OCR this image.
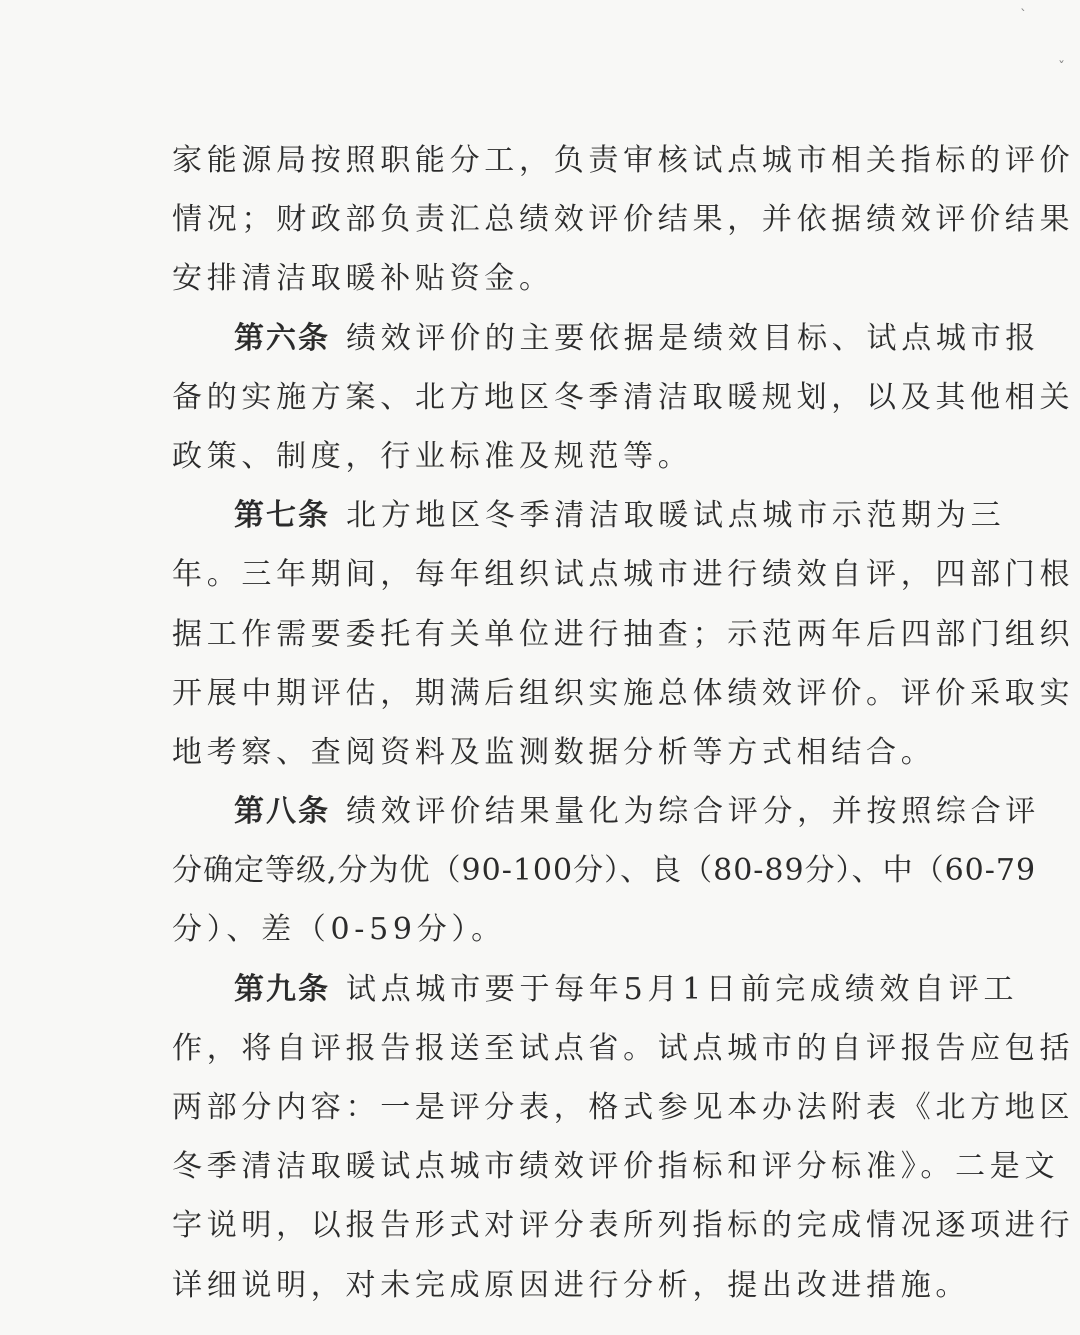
ˋ
ˇ
家能源局按照职能分工，负责审核试点城市相关指标的评价
情况；财政部负责汇总绩效评价结果，并依据绩效评价结果
安排清洁取暖补贴资金。
第六条 绩效评价的主要依据是绩效目标、试点城市报
备的实施方案、北方地区冬季清洁取暖规划，以及其他相关
政策、制度，行业标准及规范等。
第七条 北方地区冬季清洁取暖试点城市示范期为三
年。三年期间，每年组织试点城市进行绩效自评，四部门根
据工作需要委托有关单位进行抽查；示范两年后四部门组织
开展中期评估，期满后组织实施总体绩效评价。评价采取实
地考察、查阅资料及监测数据分析等方式相结合。
第八条 绩效评价结果量化为综合评分，并按照综合评
分确定等级,分为优（90-100分）、良（80-89分）、中（60-79
分）、差（0-59分）。
第九条 试点城市要于每年5月1日前完成绩效自评工
作，将自评报告报送至试点省。试点城市的自评报告应包括
两部分内容：一是评分表，格式参见本办法附表《北方地区
冬季清洁取暖试点城市绩效评价指标和评分标准》。二是文
字说明，以报告形式对评分表所列指标的完成情况逐项进行
详细说明，对未完成原因进行分析，提出改进措施。
